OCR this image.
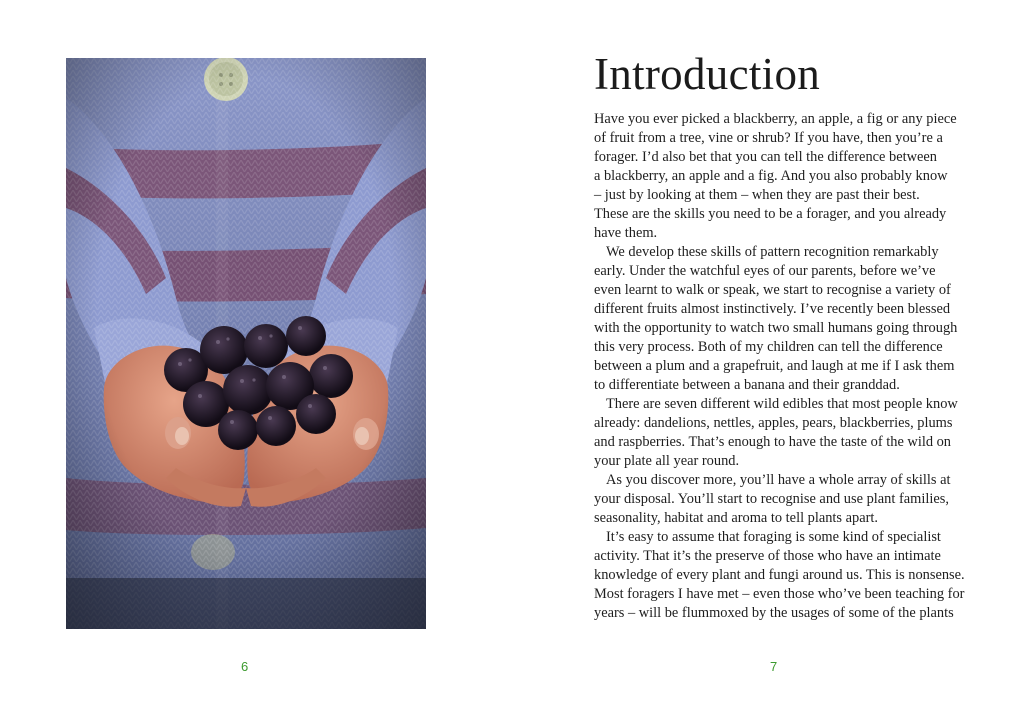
6
Introduction
Have you ever picked a blackberry, an apple, a fig or any piece
of fruit from a tree, vine or shrub? If you have, then you’re a
forager. I’d also bet that you can tell the difference between
a blackberry, an apple and a fig. And you also probably know
– just by looking at them – when they are past their best.
These are the skills you need to be a forager, and you already
have them.
We develop these skills of pattern recognition remarkably
early. Under the watchful eyes of our parents, before we’ve
even learnt to walk or speak, we start to recognise a variety of
different fruits almost instinctively. I’ve recently been blessed
with the opportunity to watch two small humans going through
this very process. Both of my children can tell the difference
between a plum and a grapefruit, and laugh at me if I ask them
to differentiate between a banana and their granddad.
There are seven different wild edibles that most people know
already: dandelions, nettles, apples, pears, blackberries, plums
and raspberries. That’s enough to have the taste of the wild on
your plate all year round.
As you discover more, you’ll have a whole array of skills at
your disposal. You’ll start to recognise and use plant families,
seasonality, habitat and aroma to tell plants apart.
It’s easy to assume that foraging is some kind of specialist
activity. That it’s the preserve of those who have an intimate
knowledge of every plant and fungi around us. This is nonsense.
Most foragers I have met – even those who’ve been teaching for
years – will be flummoxed by the usages of some of the plants
7
